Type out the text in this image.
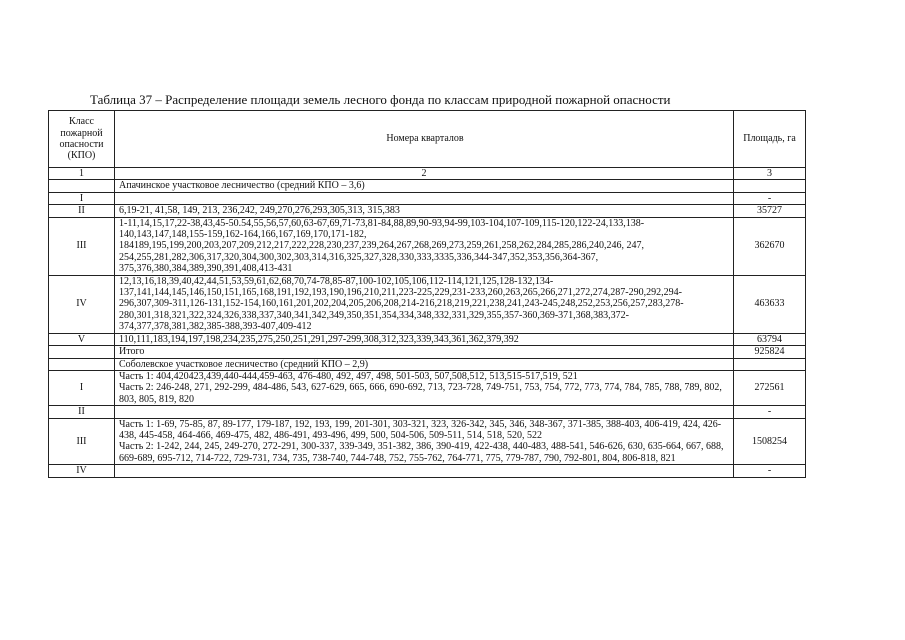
Таблица 37 – Распределение площади земель лесного фонда по классам природной пожарной опасности
Класс пожарной опасности (КПО)	Номера кварталов	Площадь, га
1	2	3
	Апачинское участковое лесничество (средний КПО – 3,6)	
I		-
II	6,19-21, 41,58, 149, 213, 236,242, 249,270,276,293,305,313, 315,383	35727
III	1-11,14,15,17,22-38,43,45-50.54,55,56,57,60,63-67,69,71-73,81-84,88,89,90-93,94-99,103-104,107-109,115-120,122-24,133,138-140,143,147,148,155-159,162-164,166,167,169,170,171-182, 184189,195,199,200,203,207,209,212,217,222,228,230,237,239,264,267,268,269,273,259,261,258,262,284,285,286,240,246, 247, 254,255,281,282,306,317,320,304,300,302,303,314,316,325,327,328,330,333,3335,336,344-347,352,353,356,364-367, 375,376,380,384,389,390,391,408,413-431	362670
IV	12,13,16,18,39,40,42,44,51,53,59,61,62,68,70,74-78,85-87,100-102,105,106,112-114,121,125,128-132,134-137,141,144,145,146,150,151,165,168,191,192,193,190,196,210,211,223-225,229,231-233,260,263,265,266,271,272,274,287-290,292,294-296,307,309-311,126-131,152-154,160,161,201,202,204,205,206,208,214-216,218,219,221,238,241,243-245,248,252,253,256,257,283,278-280,301,318,321,322,324,326,338,337,340,341,342,349,350,351,354,334,348,332,331,329,355,357-360,369-371,368,383,372-374,377,378,381,382,385-388,393-407,409-412	463633
V	110,111,183,194,197,198,234,235,275,250,251,291,297-299,308,312,323,339,343,361,362,379,392	63794
	Итого	925824
	Соболевское участковое лесничество (средний КПО – 2,9)	
I	Часть 1: 404,420423,439,440-444,459-463, 476-480, 492, 497, 498, 501-503, 507,508,512, 513,515-517,519, 521
Часть 2: 246-248, 271, 292-299, 484-486, 543, 627-629, 665, 666, 690-692, 713, 723-728, 749-751, 753, 754, 772, 773, 774, 784, 785, 788, 789, 802, 803, 805, 819, 820	272561
II		-
III	Часть 1: 1-69, 75-85, 87, 89-177, 179-187, 192, 193, 199, 201-301, 303-321, 323, 326-342, 345, 346, 348-367, 371-385, 388-403, 406-419, 424, 426-438, 445-458, 464-466, 469-475, 482, 486-491, 493-496, 499, 500, 504-506, 509-511, 514, 518, 520, 522
Часть 2: 1-242, 244, 245, 249-270, 272-291, 300-337, 339-349, 351-382, 386, 390-419, 422-438, 440-483, 488-541, 546-626, 630, 635-664, 667, 688, 669-689, 695-712, 714-722, 729-731, 734, 735, 738-740, 744-748, 752, 755-762, 764-771, 775, 779-787, 790, 792-801, 804, 806-818, 821	1508254
IV		-
